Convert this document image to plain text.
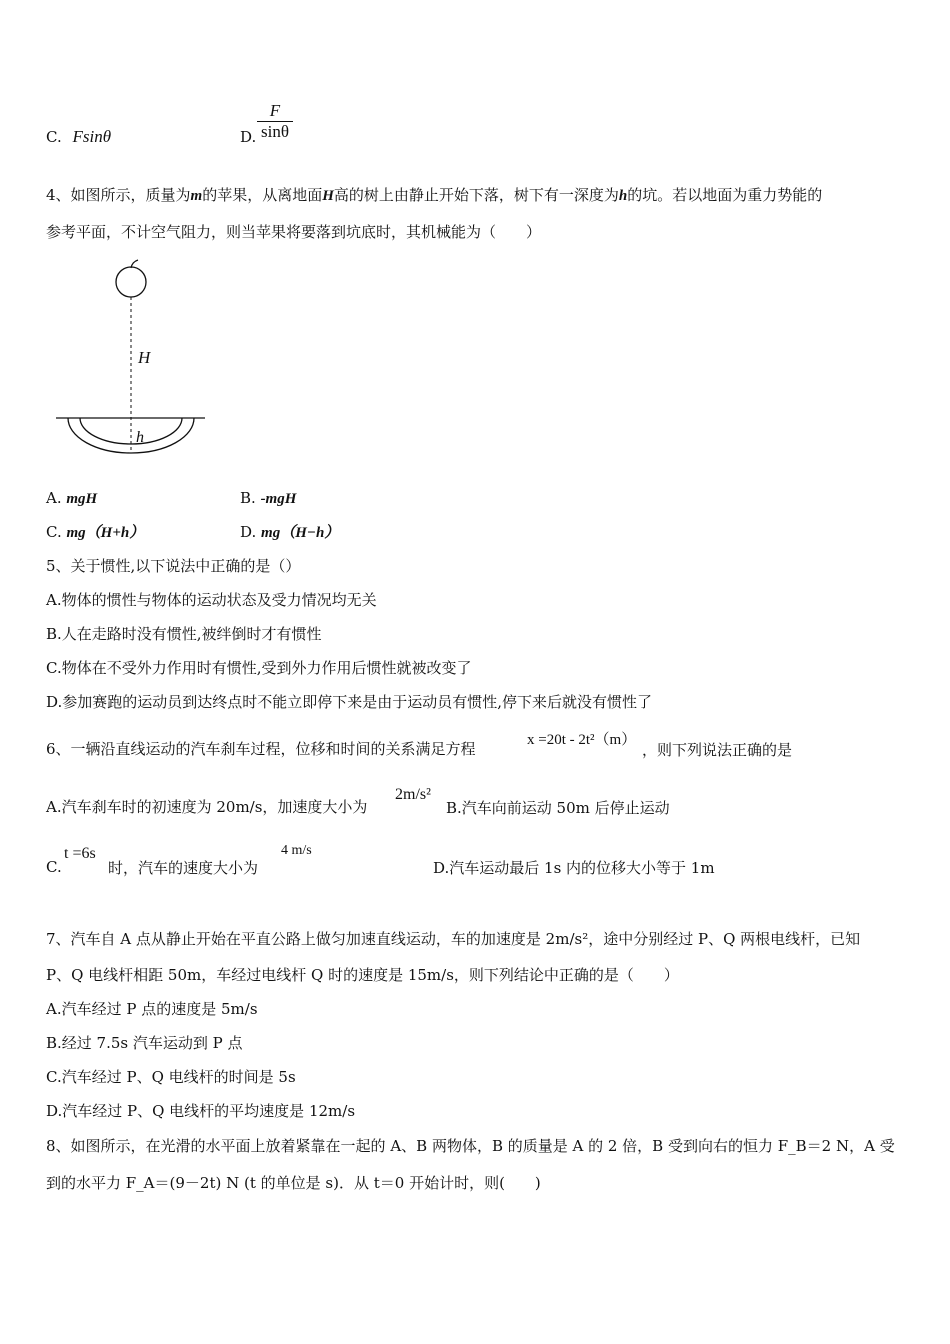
C. Fsinθ	D.
F
sinθ
4、如图所示，质量为m的苹果，从离地面H高的树上由静止开始下落，树下有一深度为h的坑。若以地面为重力势能的
参考平面，不计空气阻力，则当苹果将要落到坑底时，其机械能为（　　）
H
h
A. mgH	B. -mgH
C. mg（H+h）	D. mg（H−h）
5、关于惯性,以下说法中正确的是（）
A.物体的惯性与物体的运动状态及受力情况均无关
B.人在走路时没有惯性,被绊倒时才有惯性
C.物体在不受外力作用时有惯性,受到外力作用后惯性就被改变了
D.参加赛跑的运动员到达终点时不能立即停下来是由于运动员有惯性,停下来后就没有惯性了
6、一辆沿直线运动的汽车刹车过程，位移和时间的关系满足方程	x =20t - 2t²（m）
，则下列说法正确的是
A.汽车刹车时的初速度为 20m/s，加速度大小为
2m/s²
B.汽车向前运动 50m 后停止运动
C.
t =6s
时，汽车的速度大小为
4 m/s
D.汽车运动最后 1s 内的位移大小等于 1m
7、汽车自 A 点从静止开始在平直公路上做匀加速直线运动，车的加速度是 2m/s²，途中分别经过 P、Q 两根电线杆，已知
P、Q 电线杆相距 50m，车经过电线杆 Q 时的速度是 15m/s，则下列结论中正确的是（　　）
A.汽车经过 P 点的速度是 5m/s
B.经过 7.5s 汽车运动到 P 点
C.汽车经过 P、Q 电线杆的时间是 5s
D.汽车经过 P、Q 电线杆的平均速度是 12m/s
8、如图所示，在光滑的水平面上放着紧靠在一起的 A、B 两物体，B 的质量是 A 的 2 倍，B 受到向右的恒力 F_B＝2 N，A 受
到的水平力 F_A＝(9－2t) N (t 的单位是 s)．从 t＝0 开始计时，则(　　)
